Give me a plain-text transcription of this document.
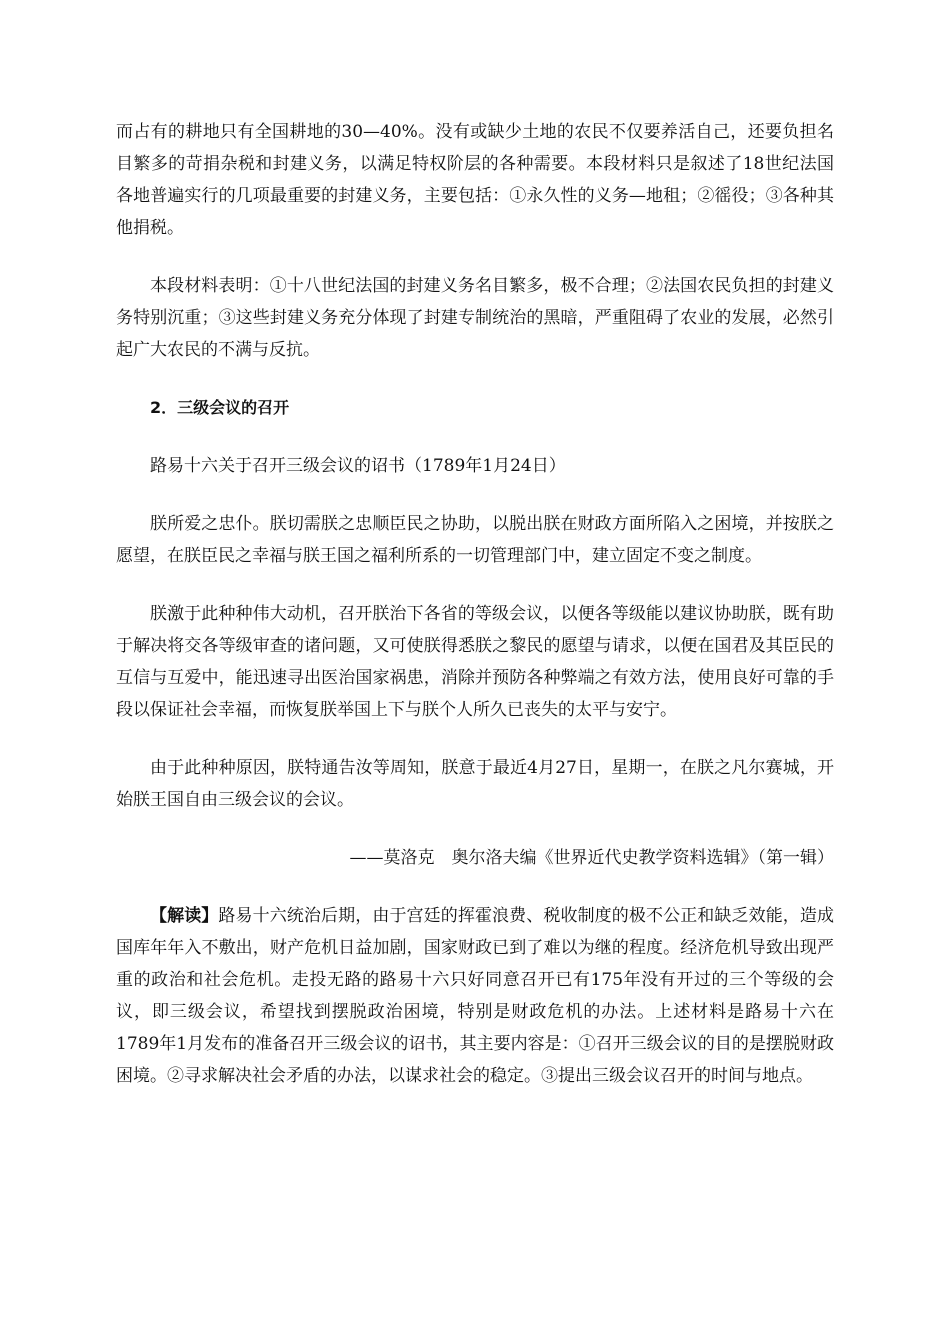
而占有的耕地只有全国耕地的30—40%。没有或缺少土地的农民不仅要养活自己，还要负担名目繁多的苛捐杂税和封建义务，以满足特权阶层的各种需要。本段材料只是叙述了18世纪法国各地普遍实行的几项最重要的封建义务，主要包括：①永久性的义务—地租；②徭役；③各种其他捐税。

本段材料表明：①十八世纪法国的封建义务名目繁多，极不合理；②法国农民负担的封建义务特别沉重；③这些封建义务充分体现了封建专制统治的黑暗，严重阻碍了农业的发展，必然引起广大农民的不满与反抗。

2．三级会议的召开

路易十六关于召开三级会议的诏书（1789年1月24日）

朕所爱之忠仆。朕切需朕之忠顺臣民之协助，以脱出朕在财政方面所陷入之困境，并按朕之愿望，在朕臣民之幸福与朕王国之福利所系的一切管理部门中，建立固定不变之制度。

朕激于此种种伟大动机，召开朕治下各省的等级会议，以便各等级能以建议协助朕，既有助于解决将交各等级审查的诸问题，又可使朕得悉朕之黎民的愿望与请求，以便在国君及其臣民的互信与互爱中，能迅速寻出医治国家祸患，消除并预防各种弊端之有效方法，使用良好可靠的手段以保证社会幸福，而恢复朕举国上下与朕个人所久已丧失的太平与安宁。

由于此种种原因，朕特通告汝等周知，朕意于最近4月27日，星期一，在朕之凡尔赛城，开始朕王国自由三级会议的会议。

——莫洛克　奥尔洛夫编《世界近代史教学资料选辑》（第一辑）

【解读】路易十六统治后期，由于宫廷的挥霍浪费、税收制度的极不公正和缺乏效能，造成国库年年入不敷出，财产危机日益加剧，国家财政已到了难以为继的程度。经济危机导致出现严重的政治和社会危机。走投无路的路易十六只好同意召开已有175年没有开过的三个等级的会议，即三级会议，希望找到摆脱政治困境，特别是财政危机的办法。上述材料是路易十六在1789年1月发布的准备召开三级会议的诏书，其主要内容是：①召开三级会议的目的是摆脱财政困境。②寻求解决社会矛盾的办法，以谋求社会的稳定。③提出三级会议召开的时间与地点。
